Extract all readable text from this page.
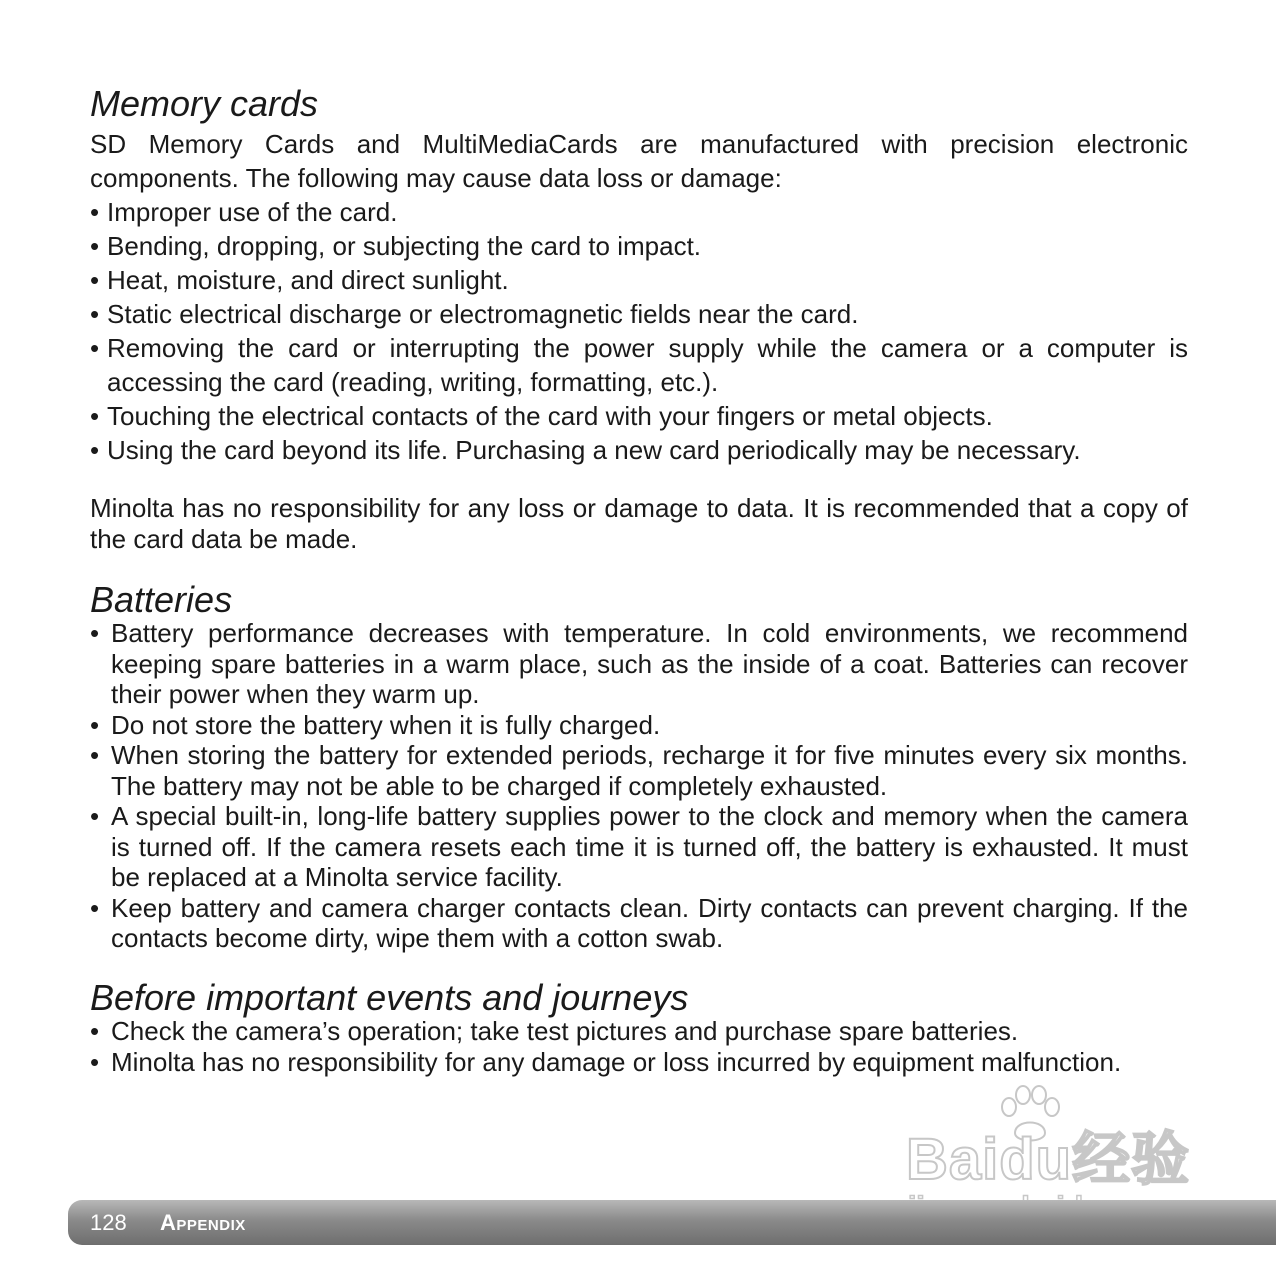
Memory cards

SD Memory Cards and MultiMediaCards are manufactured with precision electronic components. The following may cause data loss or damage:

• Improper use of the card.
• Bending, dropping, or subjecting the card to impact.
• Heat, moisture, and direct sunlight.
• Static electrical discharge or electromagnetic fields near the card.
• Removing the card or interrupting the power supply while the camera or a computer is accessing the card (reading, writing, formatting, etc.).
• Touching the electrical contacts of the card with your fingers or metal objects.
• Using the card beyond its life. Purchasing a new card periodically may be necessary.

Minolta has no responsibility for any loss or damage to data. It is recommended that a copy of the card data be made.

Batteries
• Battery performance decreases with temperature. In cold environments, we recommend keeping spare batteries in a warm place, such as the inside of a coat. Batteries can recover their power when they warm up.
• Do not store the battery when it is fully charged.
• When storing the battery for extended periods, recharge it for five minutes every six months. The battery may not be able to be charged if completely exhausted.
• A special built-in, long-life battery supplies power to the clock and memory when the camera is turned off. If the camera resets each time it is turned off, the battery is exhausted. It must be replaced at a Minolta service facility.
• Keep battery and camera charger contacts clean. Dirty contacts can prevent charging. If the contacts become dirty, wipe them with a cotton swab.
Before important events and journeys
• Check the camera’s operation; take test pictures and purchase spare batteries.
• Minolta has no responsibility for any damage or loss incurred by equipment malfunction.
Baidu经验
128 Appendix
